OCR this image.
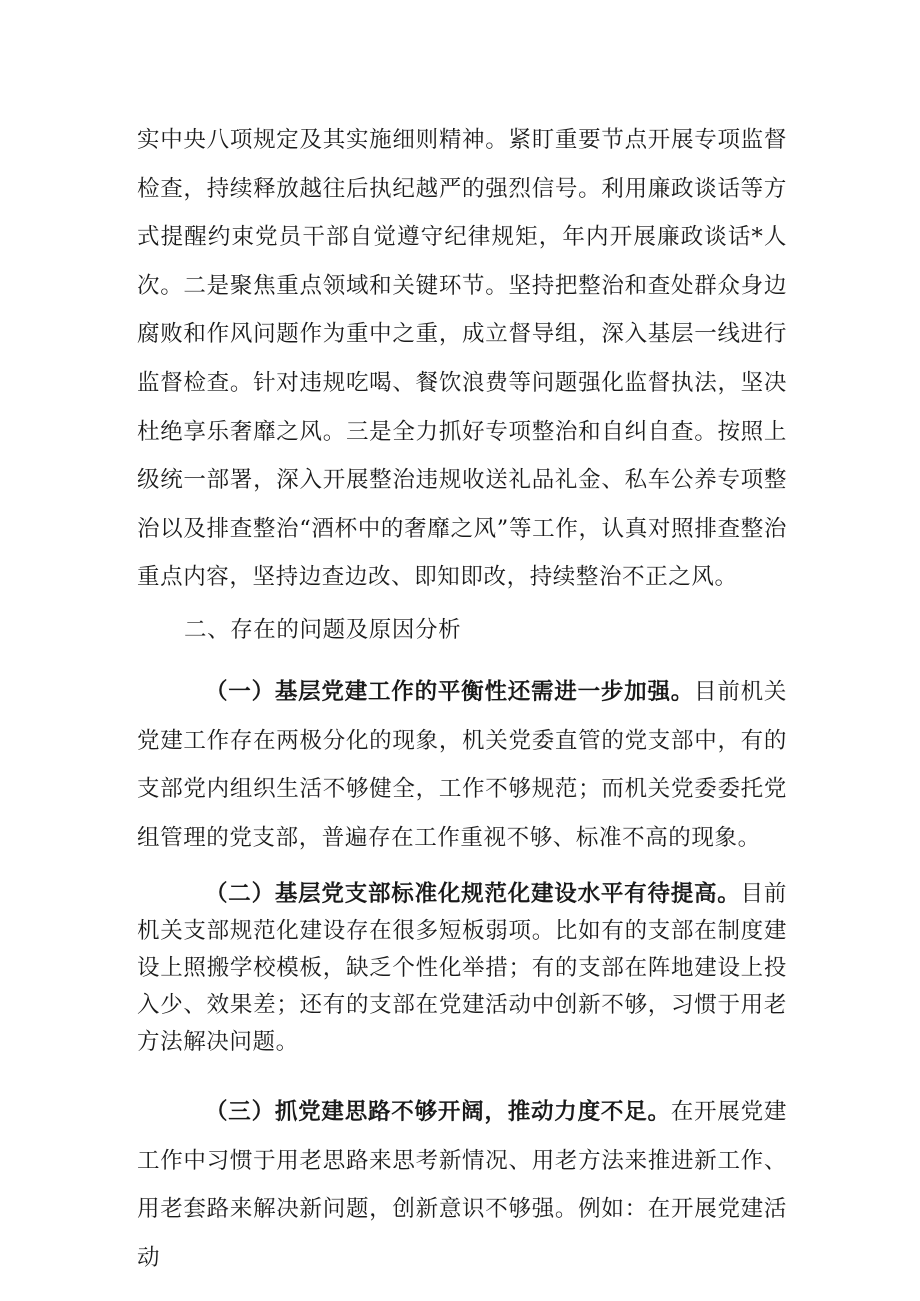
实中央八项规定及其实施细则精神。紧盯重要节点开展专项监督检查，持续释放越往后执纪越严的强烈信号。利用廉政谈话等方式提醒约束党员干部自觉遵守纪律规矩，年内开展廉政谈话*人次。二是聚焦重点领域和关键环节。坚持把整治和查处群众身边腐败和作风问题作为重中之重，成立督导组，深入基层一线进行监督检查。针对违规吃喝、餐饮浪费等问题强化监督执法，坚决杜绝享乐奢靡之风。三是全力抓好专项整治和自纠自查。按照上级统一部署，深入开展整治违规收送礼品礼金、私车公养专项整治以及排查整治“酒杯中的奢靡之风”等工作，认真对照排查整治重点内容，坚持边查边改、即知即改，持续整治不正之风。

二、存在的问题及原因分析

（一）基层党建工作的平衡性还需进一步加强。目前机关党建工作存在两极分化的现象，机关党委直管的党支部中，有的支部党内组织生活不够健全，工作不够规范；而机关党委委托党组管理的党支部，普遍存在工作重视不够、标准不高的现象。

（二）基层党支部标准化规范化建设水平有待提高。目前机关支部规范化建设存在很多短板弱项。比如有的支部在制度建设上照搬学校模板，缺乏个性化举措；有的支部在阵地建设上投入少、效果差；还有的支部在党建活动中创新不够，习惯于用老方法解决问题。

（三）抓党建思路不够开阔，推动力度不足。在开展党建工作中习惯于用老思路来思考新情况、用老方法来推进新工作、用老套路来解决新问题，创新意识不够强。例如：在开展党建活动
